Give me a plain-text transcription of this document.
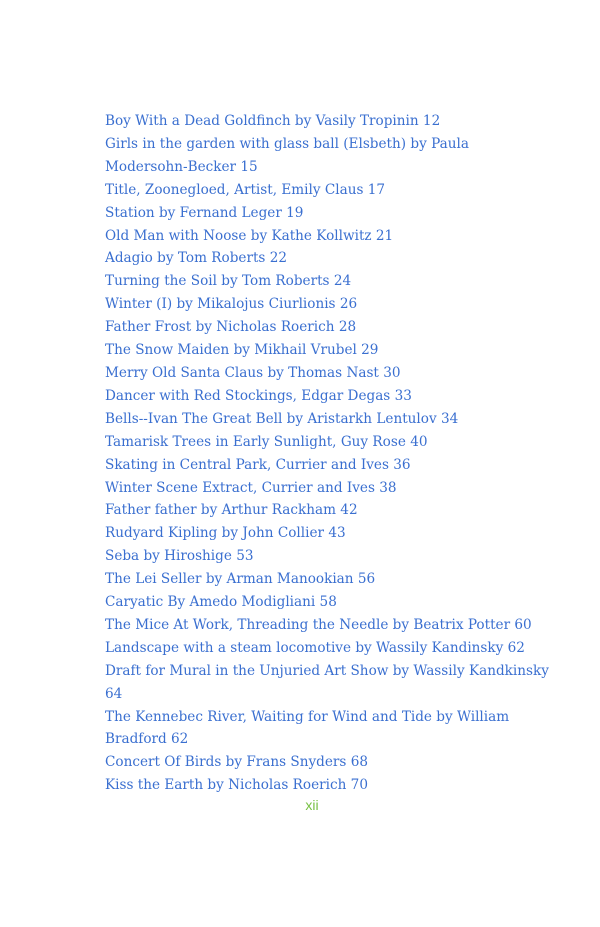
Boy With a Dead Goldfinch by Vasily Tropinin 12
Girls in the garden with glass ball (Elsbeth) by Paula Modersohn-Becker 15
Title, Zoonegloed, Artist, Emily Claus 17
Station by Fernand Leger 19
Old Man with Noose by Kathe Kollwitz 21
Adagio by Tom Roberts 22
Turning the Soil by Tom Roberts 24
Winter (I) by Mikalojus Ciurlionis 26
Father Frost by Nicholas Roerich 28
The Snow Maiden by Mikhail Vrubel 29
Merry Old Santa Claus by Thomas Nast 30
Dancer with Red Stockings, Edgar Degas 33
Bells--Ivan The Great Bell by Aristarkh Lentulov 34
Tamarisk Trees in Early Sunlight, Guy Rose 40
Skating in Central Park, Currier and Ives 36
Winter Scene Extract, Currier and Ives 38
Father father by Arthur Rackham 42
Rudyard Kipling by John Collier 43
Seba by Hiroshige 53
The Lei Seller by Arman Manookian 56
Caryatic By Amedo Modigliani 58
The Mice At Work, Threading the Needle by Beatrix Potter 60
Landscape with a steam locomotive by Wassily Kandinsky 62
Draft for Mural in the Unjuried Art Show by Wassily Kandkinsky 64
The Kennebec River, Waiting for Wind and Tide by William Bradford 62
Concert Of Birds by Frans Snyders 68
Kiss the Earth by Nicholas Roerich 70
xii
